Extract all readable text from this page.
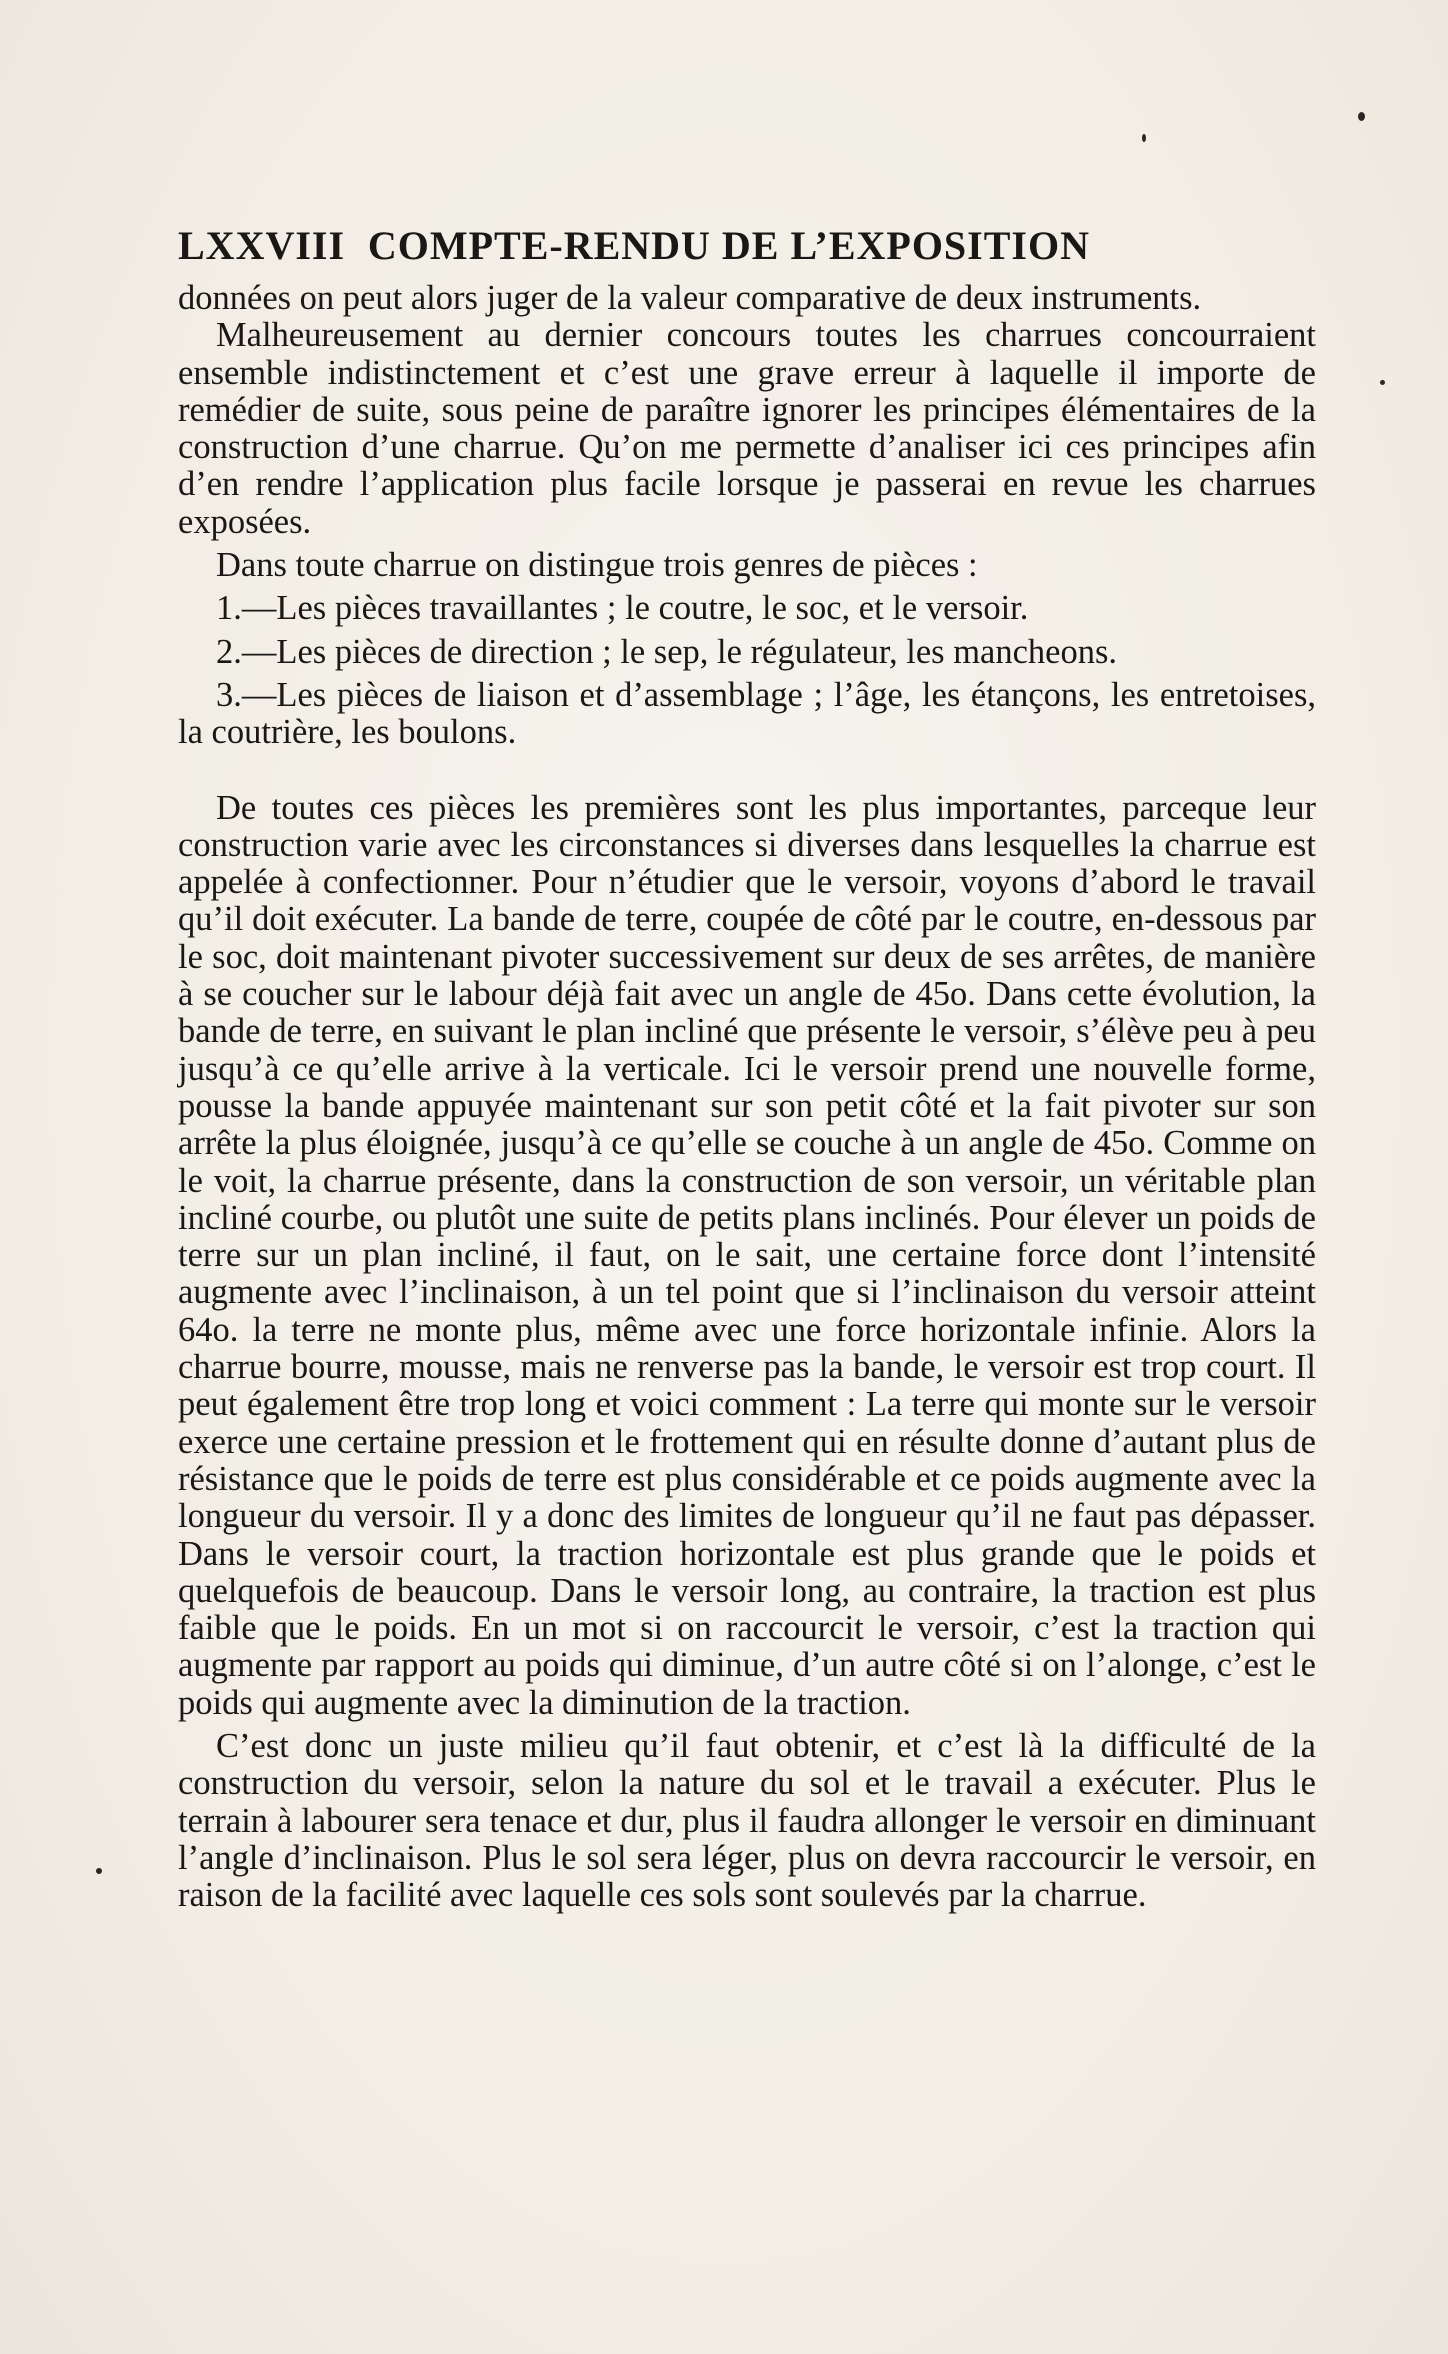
LXXVIII COMPTE-RENDU DE L’EXPOSITION

données on peut alors juger de la valeur comparative de deux instruments.

Malheureusement au dernier concours toutes les charrues concourraient ensemble indistinctement et c’est une grave erreur à laquelle il importe de remédier de suite, sous peine de paraître ignorer les principes élémentaires de la construction d’une charrue. Qu’on me permette d’analiser ici ces principes afin d’en rendre l’application plus facile lorsque je passerai en revue les charrues exposées.

Dans toute charrue on distingue trois genres de pièces :

1.—Les pièces travaillantes ; le coutre, le soc, et le versoir.

2.—Les pièces de direction ; le sep, le régulateur, les mancheons.

3.—Les pièces de liaison et d’assemblage ; l’âge, les étançons, les entretoises, la coutrière, les boulons.

De toutes ces pièces les premières sont les plus importantes, parceque leur construction varie avec les circonstances si diverses dans lesquelles la charrue est appelée à confectionner. Pour n’étudier que le versoir, voyons d’abord le travail qu’il doit exécuter. La bande de terre, coupée de côté par le coutre, en-dessous par le soc, doit maintenant pivoter successivement sur deux de ses arrêtes, de manière à se coucher sur le labour déjà fait avec un angle de 45o. Dans cette évolution, la bande de terre, en suivant le plan incliné que présente le versoir, s’élève peu à peu jusqu’à ce qu’elle arrive à la verticale. Ici le versoir prend une nouvelle forme, pousse la bande appuyée maintenant sur son petit côté et la fait pivoter sur son arrête la plus éloignée, jusqu’à ce qu’elle se couche à un angle de 45o. Comme on le voit, la charrue présente, dans la construction de son versoir, un véritable plan incliné courbe, ou plutôt une suite de petits plans inclinés. Pour élever un poids de terre sur un plan incliné, il faut, on le sait, une certaine force dont l’intensité augmente avec l’inclinaison, à un tel point que si l’inclinaison du versoir atteint 64o. la terre ne monte plus, même avec une force horizontale infinie. Alors la charrue bourre, mousse, mais ne renverse pas la bande, le versoir est trop court. Il peut également être trop long et voici comment : La terre qui monte sur le versoir exerce une certaine pression et le frottement qui en résulte donne d’autant plus de résistance que le poids de terre est plus considérable et ce poids augmente avec la longueur du versoir. Il y a donc des limites de longueur qu’il ne faut pas dépasser. Dans le versoir court, la traction horizontale est plus grande que le poids et quelquefois de beaucoup. Dans le versoir long, au contraire, la traction est plus faible que le poids. En un mot si on raccourcit le versoir, c’est la traction qui augmente par rapport au poids qui diminue, d’un autre côté si on l’alonge, c’est le poids qui augmente avec la diminution de la traction.

C’est donc un juste milieu qu’il faut obtenir, et c’est là la difficulté de la construction du versoir, selon la nature du sol et le travail a exécuter. Plus le terrain à labourer sera tenace et dur, plus il faudra allonger le versoir en diminuant l’angle d’inclinaison. Plus le sol sera léger, plus on devra raccourcir le versoir, en raison de la facilité avec laquelle ces sols sont soulevés par la charrue.
